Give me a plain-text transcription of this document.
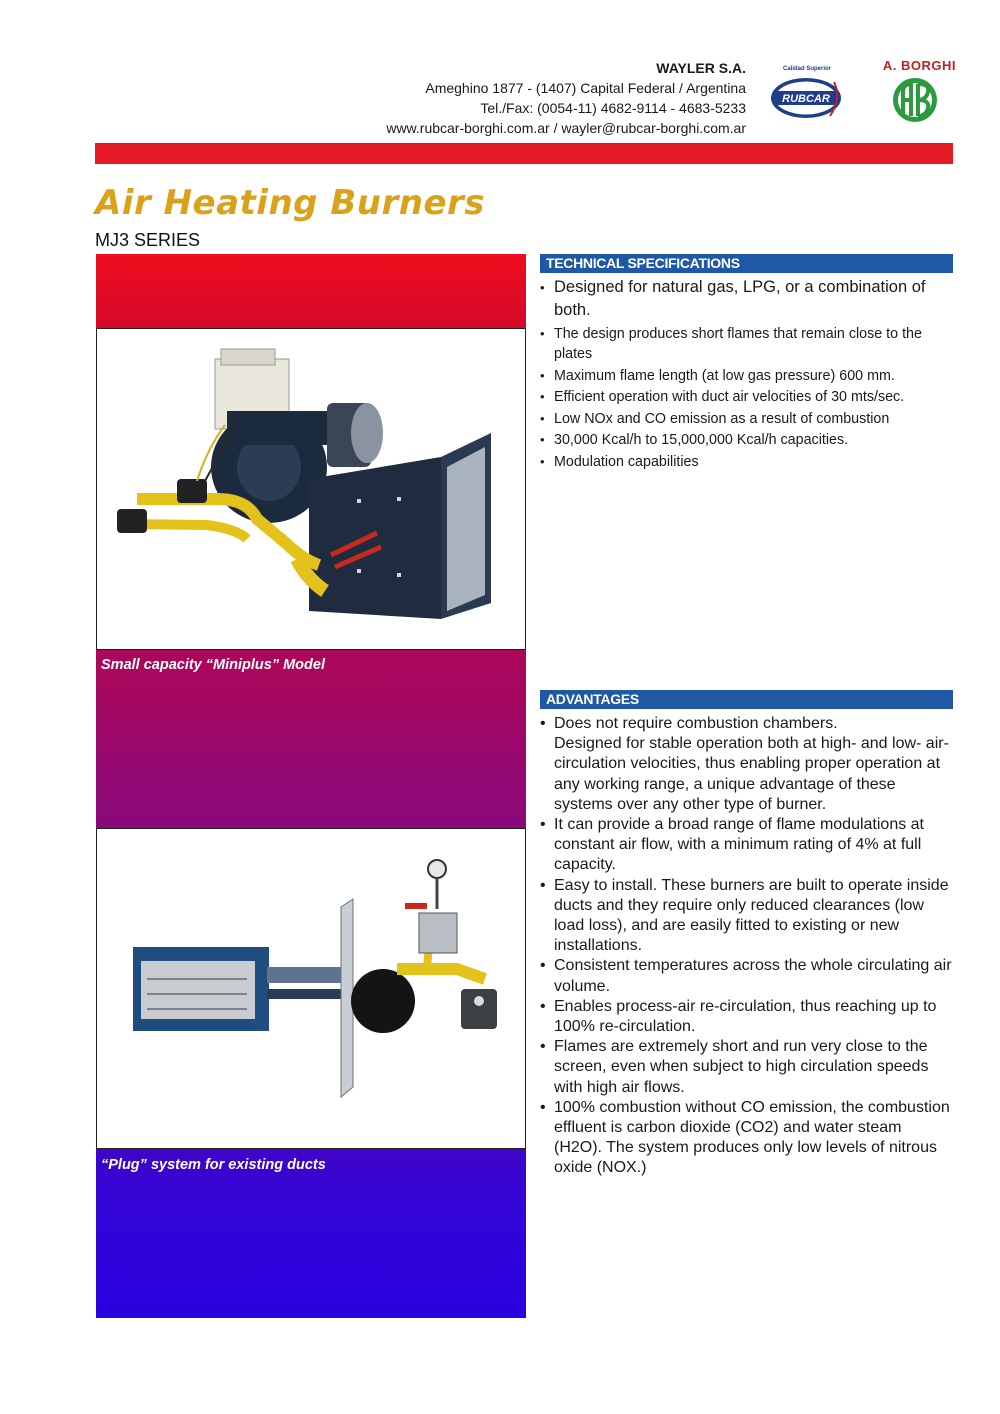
WAYLER S.A.
Ameghino 1877 - (1407) Capital Federal / Argentina
Tel./Fax: (0054-11) 4682-9114 - 4683-5233
www.rubcar-borghi.com.ar / wayler@rubcar-borghi.com.ar
Calidad Superior
RUBCAR
A. BORGHI
Air Heating Burners
MJ3 SERIES
Small capacity “Miniplus” Model
“Plug” system for existing ducts
TECHNICAL SPECIFICATIONS
• Designed for natural gas, LPG, or a combination of both.
• The design produces short flames that remain close to the plates
• Maximum flame length (at low gas pressure) 600 mm.
• Efficient operation with duct air velocities of 30 mts/sec.
• Low NOx and CO emission as a result of combustion
• 30,000 Kcal/h to 15,000,000 Kcal/h capacities.
• Modulation capabilities
ADVANTAGES
• Does not require combustion chambers.
Designed for stable operation both at high- and low- air-circulation velocities, thus enabling proper operation at any working range, a unique advantage of these systems over any other type of burner.
• It can provide a broad range of flame modulations at constant air flow, with a minimum rating of 4% at full capacity.
• Easy to install. These burners are built to operate inside ducts and they require only reduced clearances (low load loss), and are easily fitted to existing or new installations.
• Consistent temperatures across the whole circulating air volume.
• Enables process-air re-circulation, thus reaching up to 100% re-circulation.
• Flames are extremely short and run very close to the screen, even when subject to high circulation speeds with high air flows.
• 100% combustion without CO emission, the combustion effluent is carbon dioxide (CO2) and water steam (H2O). The system produces only low levels of nitrous oxide (NOX.)
